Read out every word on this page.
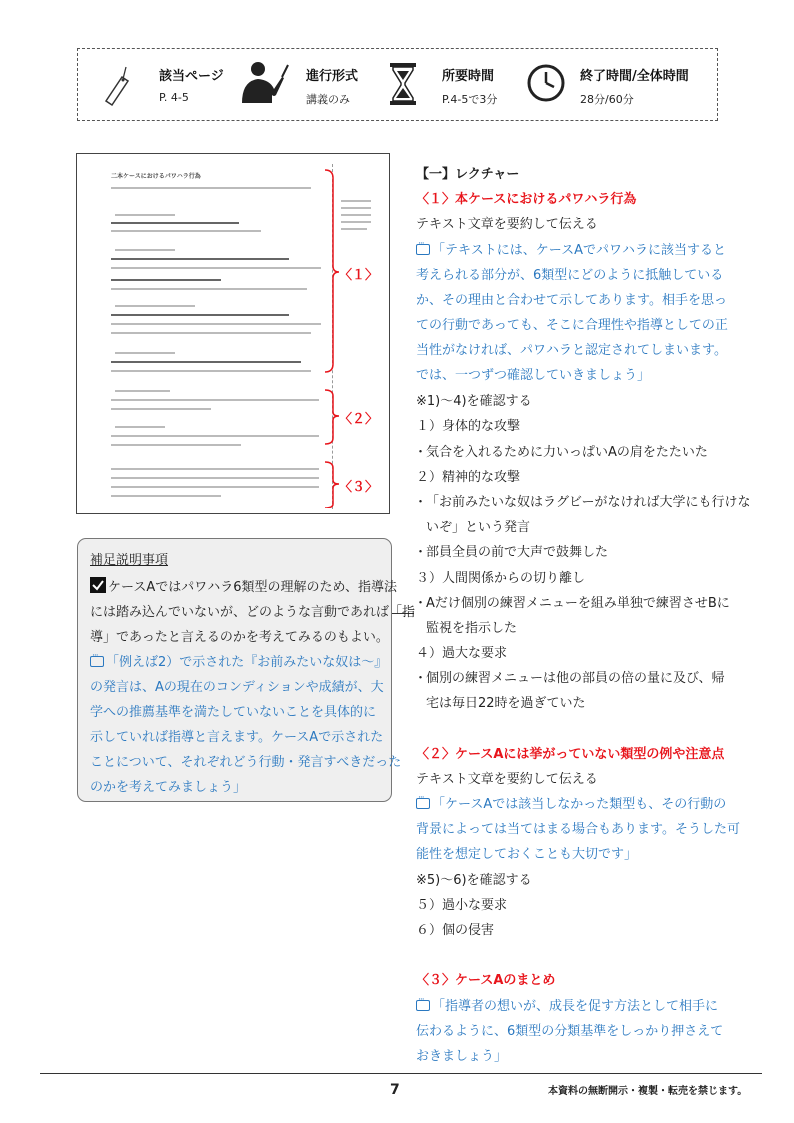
該当ページ
P. 4-5
進行形式
講義のみ
所要時間
P.4-5で3分
終了時間/全体時間
28分/60分
二本ケースにおけるパワハラ行為
〈１〉
〈２〉
〈３〉
補足説明事項
ケースAではパワハラ6類型の理解のため、指導法
には踏み込んでいないが、どのような言動であれば「指
導」であったと言えるのかを考えてみるのもよい。
···「例えば2）で示された『お前みたいな奴は〜』
の発言は、Aの現在のコンディションや成績が、大
学への推薦基準を満たしていないことを具体的に
示していれば指導と言えます。ケースAで示された
ことについて、それぞれどう行動・発言すべきだった
のかを考えてみましょう」
【一】レクチャー
〈１〉本ケースにおけるパワハラ行為
テキスト文章を要約して伝える
···「テキストには、ケースAでパワハラに該当すると
考えられる部分が、6類型にどのように抵触している
か、その理由と合わせて示してあります。相手を思っ
ての行動であっても、そこに合理性や指導としての正
当性がなければ、パワハラと認定されてしまいます。
では、一つずつ確認していきましょう」
※1)〜4)を確認する
１）身体的な攻撃
・ 気合を入れるために力いっぱいAの肩をたたいた
２）精神的な攻撃
・ 「お前みたいな奴はラグビーがなければ大学にも行けな
いぞ」という発言
・ 部員全員の前で大声で鼓舞した
３）人間関係からの切り離し
・ Aだけ個別の練習メニューを組み単独で練習させBに
監視を指示した
４）過大な要求
・ 個別の練習メニューは他の部員の倍の量に及び、帰
宅は毎日22時を過ぎていた
〈２〉ケースAには挙がっていない類型の例や注意点
テキスト文章を要約して伝える
···「ケースAでは該当しなかった類型も、その行動の
背景によっては当てはまる場合もあります。そうした可
能性を想定しておくことも大切です」
※5)〜6)を確認する
５）過小な要求
６）個の侵害
〈３〉ケースAのまとめ
···「指導者の想いが、成長を促す方法として相手に
伝わるように、6類型の分類基準をしっかり押さえて
おきましょう」
7	本資料の無断開示・複製・転売を禁じます。
